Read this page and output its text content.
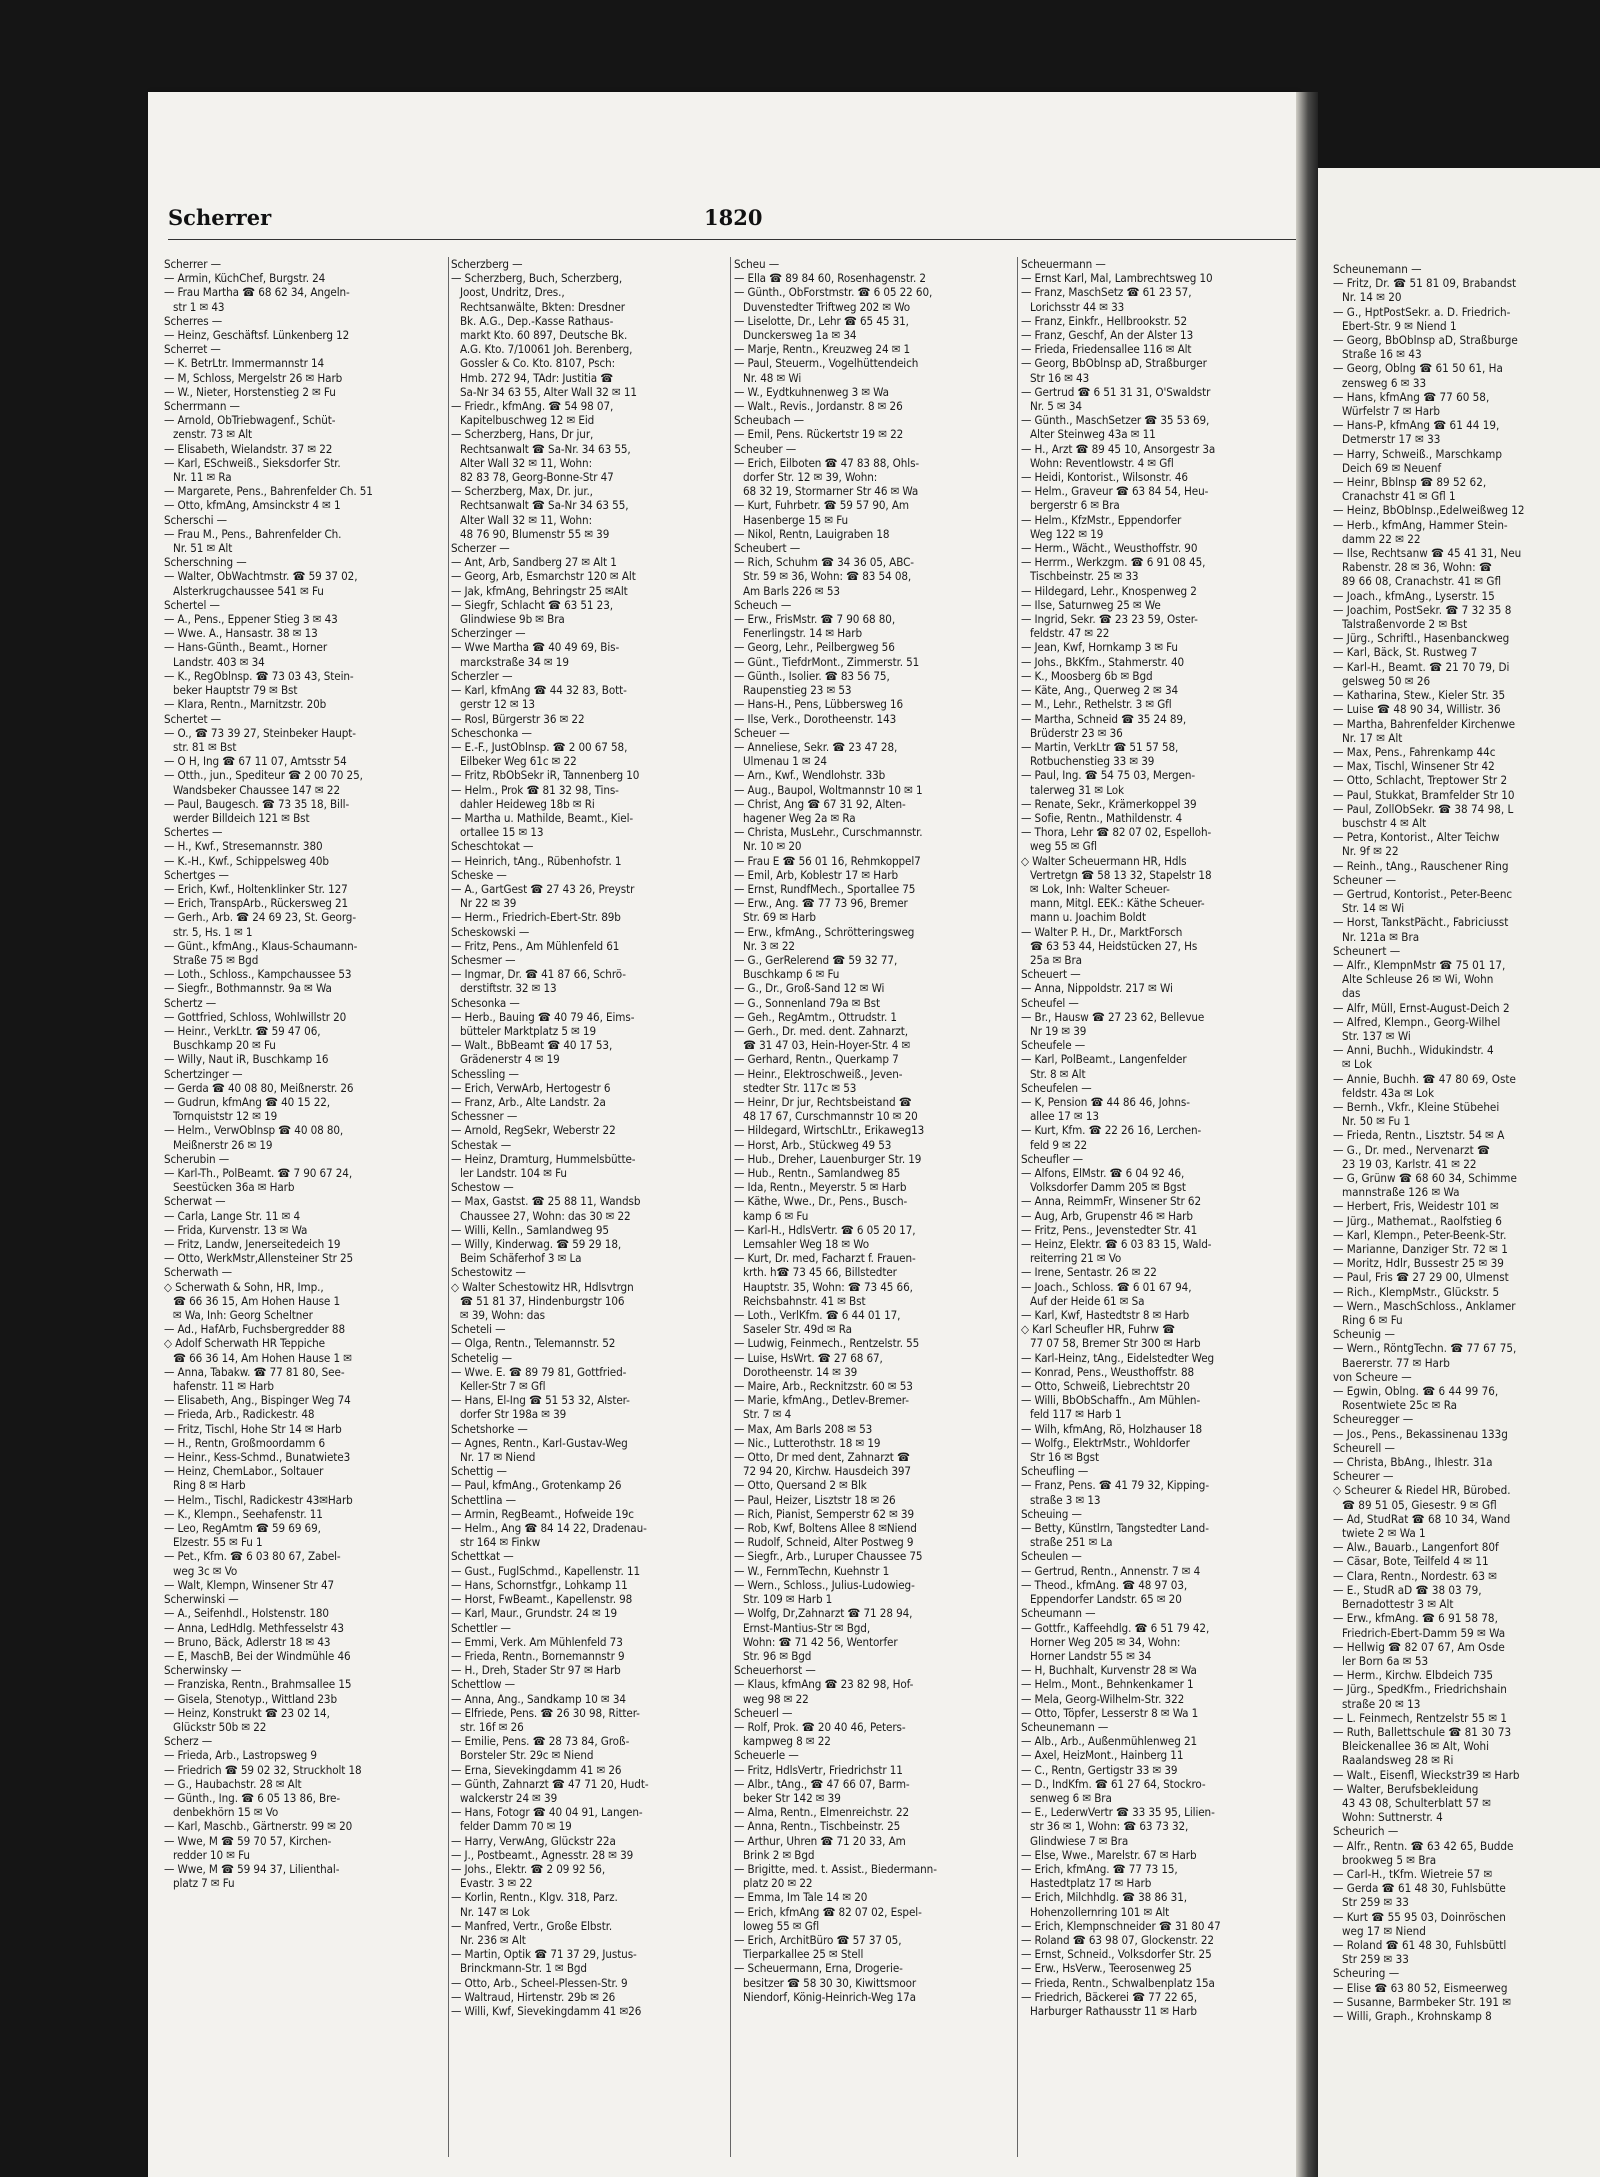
Scherrer	1820

Scherrer —

— Armin, KüchChef, Burgstr. 24

— Frau Martha ☎ 68 62 34, Angeln-

str 1 ✉ 43

Scherres —

— Heinz, Geschäftsf. Lünkenberg 12

Scherret —

— K. BetrLtr. Immermannstr 14

— M, Schloss, Mergelstr 26 ✉ Harb

— W., Nieter, Horstenstieg 2 ✉ Fu

Scherrmann —

— Arnold, ObTriebwagenf., Schüt-

zenstr. 73 ✉ Alt

— Elisabeth, Wielandstr. 37 ✉ 22

— Karl, ESchweiß., Sieksdorfer Str.

Nr. 11 ✉ Ra

— Margarete, Pens., Bahrenfelder Ch. 51

— Otto, kfmAng, Amsinckstr 4 ✉ 1

Scherschi —

— Frau M., Pens., Bahrenfelder Ch.

Nr. 51 ✉ Alt

Scherschning —

— Walter, ObWachtmstr. ☎ 59 37 02,

Alsterkrugchaussee 541 ✉ Fu

Schertel —

— A., Pens., Eppener Stieg 3 ✉ 43

— Wwe. A., Hansastr. 38 ✉ 13

— Hans-Günth., Beamt., Horner

Landstr. 403 ✉ 34

— K., RegOblnsp. ☎ 73 03 43, Stein-

beker Hauptstr 79 ✉ Bst

— Klara, Rentn., Marnitzstr. 20b

Schertet —

— O., ☎ 73 39 27, Steinbeker Haupt-

str. 81 ✉ Bst

— O H, Ing ☎ 67 11 07, Amtsstr 54

— Otth., jun., Spediteur ☎ 2 00 70 25,

Wandsbeker Chaussee 147 ✉ 22

— Paul, Baugesch. ☎ 73 35 18, Bill-

werder Billdeich 121 ✉ Bst

Schertes —

— H., Kwf., Stresemannstr. 380

— K.-H., Kwf., Schippelsweg 40b

Schertges —

— Erich, Kwf., Holtenklinker Str. 127

— Erich, TranspArb., Rückersweg 21

— Gerh., Arb. ☎ 24 69 23, St. Georg-

str. 5, Hs. 1 ✉ 1

— Günt., kfmAng., Klaus-Schaumann-

Straße 75 ✉ Bgd

— Loth., Schloss., Kampchaussee 53

— Siegfr., Bothmannstr. 9a ✉ Wa

Schertz —

— Gottfried, Schloss, Wohlwillstr 20

— Heinr., VerkLtr. ☎ 59 47 06,

Buschkamp 20 ✉ Fu

— Willy, Naut iR, Buschkamp 16

Schertzinger —

— Gerda ☎ 40 08 80, Meißnerstr. 26

— Gudrun, kfmAng ☎ 40 15 22,

Tornquiststr 12 ✉ 19

— Helm., VerwOblnsp ☎ 40 08 80,

Meißnerstr 26 ✉ 19

Scherubin —

— Karl-Th., PolBeamt. ☎ 7 90 67 24,

Seestücken 36a ✉ Harb

Scherwat —

— Carla, Lange Str. 11 ✉ 4

— Frida, Kurvenstr. 13 ✉ Wa

— Fritz, Landw, Jenerseitedeich 19

— Otto, WerkMstr,Allensteiner Str 25

Scherwath —

◇ Scherwath & Sohn, HR, Imp.,

☎ 66 36 15, Am Hohen Hause 1

✉ Wa, Inh: Georg Scheltner

— Ad., HafArb, Fuchsbergredder 88

◇ Adolf Scherwath HR Teppiche

☎ 66 36 14, Am Hohen Hause 1 ✉

— Anna, Tabakw. ☎ 77 81 80, Seе-

hafenstr. 11 ✉ Harb

— Elisabeth, Ang., Bispinger Weg 74

— Frieda, Arb., Radickestr. 48

— Fritz, Tischl, Hohe Str 14 ✉ Harb

— H., Rentn, Großmoordamm 6

— Heinr., Kess-Schmd., Bunatwiete3

— Heinz, ChemLabor., Soltauer

Ring 8 ✉ Harb

— Helm., Tischl, Radickestr 43✉Harb

— K., Klempn., Seehafenstr. 11

— Leo, RegAmtm ☎ 59 69 69,

Elzestr. 55 ✉ Fu 1

— Pet., Kfm. ☎ 6 03 80 67, Zabel-

weg 3c ✉ Vo

— Walt, Klempn, Winsener Str 47

Scherwinski —

— A., Seifenhdl., Holstenstr. 180

— Anna, LedHdlg. Methfesselstr 43

— Bruno, Bäck, Adlerstr 18 ✉ 43

— E, MaschB, Bei der Windmühle 46

Scherwinsky —

— Franziska, Rentn., Brahmsallee 15

— Gisela, Stenotyp., Wittland 23b

— Heinz, Konstrukt ☎ 23 02 14,

Glückstr 50b ✉ 22

Scherz —

— Frieda, Arb., Lastropsweg 9

— Friedrich ☎ 59 02 32, Struckholt 18

— G., Haubachstr. 28 ✉ Alt

— Günth., Ing. ☎ 6 05 13 86, Bre-

denbekhörn 15 ✉ Vo

— Karl, Maschb., Gärtnerstr. 99 ✉ 20

— Wwe, M ☎ 59 70 57, Kirchen-

redder 10 ✉ Fu

— Wwe, M ☎ 59 94 37, Lilienthal-

platz 7 ✉ Fu

Scherzberg —

— Scherzberg, Buch, Scherzberg,

Joost, Undritz, Dres.,

Rechtsanwälte, Bkten: Dresdner

Bk. A.G., Dep.-Kasse Rathaus-

markt Kto. 60 897, Deutsche Bk.

A.G. Kto. 7/10061 Joh. Berenberg,

Gossler & Co. Kto. 8107, Psch:

Hmb. 272 94, TAdr: Justitia ☎

Sa-Nr 34 63 55, Alter Wall 32 ✉ 11

— Friedr., kfmAng. ☎ 54 98 07,

Kapitelbuschweg 12 ✉ Eid

— Scherzberg, Hans, Dr jur,

Rechtsanwalt ☎ Sa-Nr. 34 63 55,

Alter Wall 32 ✉ 11, Wohn:

82 83 78, Georg-Bonne-Str 47

— Scherzberg, Max, Dr. jur.,

Rechtsanwalt ☎ Sa-Nr 34 63 55,

Alter Wall 32 ✉ 11, Wohn:

48 76 90, Blumenstr 55 ✉ 39

Scherzer —

— Ant, Arb, Sandberg 27 ✉ Alt 1

— Georg, Arb, Esmarchstr 120 ✉ Alt

— Jak, kfmAng, Behringstr 25 ✉Alt

— Siegfr, Schlacht ☎ 63 51 23,

Glindwiese 9b ✉ Bra

Scherzinger —

— Wwe Martha ☎ 40 49 69, Bis-

marckstraße 34 ✉ 19

Scherzler —

— Karl, kfmAng ☎ 44 32 83, Bott-

gerstr 12 ✉ 13

— Rosl, Bürgerstr 36 ✉ 22

Scheschonka —

— E.-F., JustOblnsp. ☎ 2 00 67 58,

Eilbeker Weg 61c ✉ 22

— Fritz, RbObSekr iR, Tannenberg 10

— Helm., Prok ☎ 81 32 98, Tins-

dahler Heideweg 18b ✉ Ri

— Martha u. Mathilde, Beamt., Kiel-

ortallee 15 ✉ 13

Scheschtokat —

— Heinrich, tAng., Rübenhofstr. 1

Scheske —

— A., GartGest ☎ 27 43 26, Preystr

Nr 22 ✉ 39

— Herm., Friedrich-Ebert-Str. 89b

Scheskowski —

— Fritz, Pens., Am Mühlenfeld 61

Schesmer —

— Ingmar, Dr. ☎ 41 87 66, Schrö-

derstiftstr. 32 ✉ 13

Schesonka —

— Herb., Bauing ☎ 40 79 46, Eims-

bütteler Marktplatz 5 ✉ 19

— Walt., BbBeamt ☎ 40 17 53,

Grädenerstr 4 ✉ 19

Schessling —

— Erich, VerwArb, Hertogestr 6

— Franz, Arb., Alte Landstr. 2a

Schessner —

— Arnold, RegSekr, Weberstr 22

Schestak —

— Heinz, Dramturg, Hummelsbütte-

ler Landstr. 104 ✉ Fu

Schestow —

— Max, Gastst. ☎ 25 88 11, Wandsb

Chaussee 27, Wohn: das 30 ✉ 22

— Willi, Kelln., Samlandweg 95

— Willy, Kinderwag. ☎ 59 29 18,

Beim Schäferhof 3 ✉ La

Schestowitz —

◇ Walter Schestowitz HR, Hdlsvtrgn

☎ 51 81 37, Hindenburgstr 106

✉ 39, Wohn: das

Scheteli —

— Olga, Rentn., Telemannstr. 52

Schetelig —

— Wwe. E. ☎ 89 79 81, Gottfried-

Keller-Str 7 ✉ Gfl

— Hans, El-Ing ☎ 51 53 32, Alster-

dorfer Str 198a ✉ 39

Schetshorke —

— Agnes, Rentn., Karl-Gustav-Weg

Nr. 17 ✉ Niend

Schettig —

— Paul, kfmAng., Grotenkamp 26

Schettlina —

— Armin, RegBeamt., Hofweide 19c

— Helm., Ang ☎ 84 14 22, Dradenau-

str 164 ✉ Finkw

Schettkat —

— Gust., FuglSchmd., Kapellenstr. 11

— Hans, Schornstfgr., Lohkamp 11

— Horst, FwBeamt., Kapellenstr. 98

— Karl, Maur., Grundstr. 24 ✉ 19

Schettler —

— Emmi, Verk. Am Mühlenfeld 73

— Frieda, Rentn., Bornemannstr 9

— H., Dreh, Stader Str 97 ✉ Harb

Schettlow —

— Anna, Ang., Sandkamp 10 ✉ 34

— Elfriede, Pens. ☎ 26 30 98, Ritter-

str. 16f ✉ 26

— Emilie, Pens. ☎ 28 73 84, Groß-

Borsteler Str. 29c ✉ Niend

— Erna, Sievekingdamm 41 ✉ 26

— Günth, Zahnarzt ☎ 47 71 20, Hudt-

walckerstr 24 ✉ 39

— Hans, Fotogr ☎ 40 04 91, Langen-

felder Damm 70 ✉ 19

— Harry, VerwAng, Glückstr 22a

— J., Postbeamt., Agnesstr. 28 ✉ 39

— Johs., Elektr. ☎ 2 09 92 56,

Evastr. 3 ✉ 22

— Korlin, Rentn., Klgv. 318, Parz.

Nr. 147 ✉ Lok

— Manfred, Vertr., Große Elbstr.

Nr. 236 ✉ Alt

— Martin, Optik ☎ 71 37 29, Justus-

Brinckmann-Str. 1 ✉ Bgd

— Otto, Arb., Scheel-Plessen-Str. 9

— Waltraud, Hirtenstr. 29b ✉ 26

— Willi, Kwf, Sievekingdamm 41 ✉26

Scheu —

— Ella ☎ 89 84 60, Rosenhagenstr. 2

— Günth., ObForstmstr. ☎ 6 05 22 60,

Duvenstedter Triftweg 202 ✉ Wo

— Liselotte, Dr., Lehr ☎ 65 45 31,

Dunckersweg 1a ✉ 34

— Marje, Rentn., Kreuzweg 24 ✉ 1

— Paul, Steuerm., Vogelhüttendeich

Nr. 48 ✉ Wi

— W., Eydtkuhnenweg 3 ✉ Wa

— Walt., Revis., Jordanstr. 8 ✉ 26

Scheubach —

— Emil, Pens. Rückertstr 19 ✉ 22

Scheuber —

— Erich, Eilboten ☎ 47 83 88, Ohls-

dorfer Str. 12 ✉ 39, Wohn:

68 32 19, Stormarner Str 46 ✉ Wa

— Kurt, Fuhrbetr. ☎ 59 57 90, Am

Hasenberge 15 ✉ Fu

— Nikol, Rentn, Lauigraben 18

Scheubert —

— Rich, Schuhm ☎ 34 36 05, ABC-

Str. 59 ✉ 36, Wohn: ☎ 83 54 08,

Am Barls 226 ✉ 53

Scheuch —

— Erw., FrisMstr. ☎ 7 90 68 80,

Fenerlingstr. 14 ✉ Harb

— Georg, Lehr., Peilbergweg 56

— Günt., TiefdrMont., Zimmerstr. 51

— Günth., Isolier. ☎ 83 56 75,

Raupenstieg 23 ✉ 53

— Hans-H., Pens, Lübbersweg 16

— Ilse, Verk., Dorotheenstr. 143

Scheuer —

— Anneliese, Sekr. ☎ 23 47 28,

Ulmenau 1 ✉ 24

— Arn., Kwf., Wendlohstr. 33b

— Aug., Baupol, Woltmannstr 10 ✉ 1

— Christ, Ang ☎ 67 31 92, Alten-

hagener Weg 2a ✉ Ra

— Christa, MusLehr., Curschmannstr.

Nr. 10 ✉ 20

— Frau E ☎ 56 01 16, Rehmkoppel7

— Emil, Arb, Koblestr 17 ✉ Harb

— Ernst, RundfMech., Sportallee 75

— Erw., Ang. ☎ 77 73 96, Bremer

Str. 69 ✉ Harb

— Erw., kfmAng., Schrötteringsweg

Nr. 3 ✉ 22

— G., GerRelerend ☎ 59 32 77,

Buschkamp 6 ✉ Fu

— G., Dr., Groß-Sand 12 ✉ Wi

— G., Sonnenland 79a ✉ Bst

— Geh., RegAmtm., Ottrudstr. 1

— Gerh., Dr. med. dent. Zahnarzt,

☎ 31 47 03, Hein-Hoyer-Str. 4 ✉

— Gerhard, Rentn., Querkamp 7

— Heinr., Elektroschweiß., Jeven-

stedter Str. 117c ✉ 53

— Heinr, Dr jur, Rechtsbeistand ☎

48 17 67, Curschmannstr 10 ✉ 20

— Hildegard, WirtschLtr., Erikaweg13

— Horst, Arb., Stückweg 49 53

— Hub., Dreher, Lauenburger Str. 19

— Hub., Rentn., Samlandweg 85

— Ida, Rentn., Meyerstr. 5 ✉ Harb

— Käthe, Wwe., Dr., Pens., Busch-

kamp 6 ✉ Fu

— Karl-H., HdlsVertr. ☎ 6 05 20 17,

Lemsahler Weg 18 ✉ Wo

— Kurt, Dr. med, Facharzt f. Frauen-

krth. h☎ 73 45 66, Billstedter

Hauptstr. 35, Wohn: ☎ 73 45 66,

Reichsbahnstr. 41 ✉ Bst

— Loth., VerlKfm. ☎ 6 44 01 17,

Saseler Str. 49d ✉ Ra

— Ludwig, Feinmech., Rentzelstr. 55

— Luise, HsWrt. ☎ 27 68 67,

Dorotheenstr. 14 ✉ 39

— Maire, Arb., Recknitzstr. 60 ✉ 53

— Marie, kfmAng., Detlev-Bremer-

Str. 7 ✉ 4

— Max, Am Barls 208 ✉ 53

— Nic., Lutterothstr. 18 ✉ 19

— Otto, Dr med dent, Zahnarzt ☎

72 94 20, Kirchw. Hausdeich 397

— Otto, Quersand 2 ✉ Blk

— Paul, Heizer, Lisztstr 18 ✉ 26

— Rich, Pianist, Semperstr 62 ✉ 39

— Rob, Kwf, Boltens Allee 8 ✉Niend

— Rudolf, Schneid, Alter Postweg 9

— Siegfr., Arb., Luruper Chaussee 75

— W., FernmTechn, Kuehnstr 1

— Wern., Schloss., Julius-Ludowieg-

Str. 109 ✉ Harb 1

— Wolfg, Dr,Zahnarzt ☎ 71 28 94,

Ernst-Mantius-Str ✉ Bgd,

Wohn: ☎ 71 42 56, Wentorfer

Str. 96 ✉ Bgd

Scheuerhorst —

— Klaus, kfmAng ☎ 23 82 98, Hof-

weg 98 ✉ 22

Scheuerl —

— Rolf, Prok. ☎ 20 40 46, Peters-

kampweg 8 ✉ 22

Scheuerle —

— Fritz, HdlsVertr, Friedrichstr 11

— Albr., tAng., ☎ 47 66 07, Barm-

beker Str 142 ✉ 39

— Alma, Rentn., Elmenreichstr. 22

— Anna, Rentn., Tischbeinstr. 25

— Arthur, Uhren ☎ 71 20 33, Am

Brink 2 ✉ Bgd

— Brigitte, med. t. Assist., Biedermann-

platz 20 ✉ 22

— Emma, Im Tale 14 ✉ 20

— Erich, kfmAng ☎ 82 07 02, Espel-

loweg 55 ✉ Gfl

— Erich, ArchitBüro ☎ 57 37 05,

Tierparkallee 25 ✉ Stell

— Scheuermann, Erna, Drogerie-

besitzer ☎ 58 30 30, Kiwittsmoor

Niendorf, König-Heinrich-Weg 17a

Scheuermann —

— Ernst Karl, Mal, Lambrechtsweg 10

— Franz, MaschSetz ☎ 61 23 57,

Lorichsstr 44 ✉ 33

— Franz, Einkfr., Hellbrookstr. 52

— Franz, Geschf, An der Alster 13

— Frieda, Friedensallee 116 ✉ Alt

— Georg, BbOblnsp aD, Straßburger

Str 16 ✉ 43

— Gertrud ☎ 6 51 31 31, O'Swaldstr

Nr. 5 ✉ 34

— Günth., MaschSetzer ☎ 35 53 69,

Alter Steinweg 43a ✉ 11

— H., Arzt ☎ 89 45 10, Ansorgestr 3a

Wohn: Reventlowstr. 4 ✉ Gfl

— Heidi, Kontorist., Wilsonstr. 46

— Helm., Graveur ☎ 63 84 54, Heu-

bergerstr 6 ✉ Bra

— Helm., KfzMstr., Eppendorfer

Weg 122 ✉ 19

— Herm., Wächt., Weusthoffstr. 90

— Herrm., Werkzgm. ☎ 6 91 08 45,

Tischbeinstr. 25 ✉ 33

— Hildegard, Lehr., Knospenweg 2

— Ilse, Saturnweg 25 ✉ We

— Ingrid, Sekr. ☎ 23 23 59, Oster-

feldstr. 47 ✉ 22

— Jean, Kwf, Hornkamp 3 ✉ Fu

— Johs., BkKfm., Stahmerstr. 40

— K., Moosberg 6b ✉ Bgd

— Käte, Ang., Querweg 2 ✉ 34

— M., Lehr., Rethelstr. 3 ✉ Gfl

— Martha, Schneid ☎ 35 24 89,

Brüderstr 23 ✉ 36

— Martin, VerkLtr ☎ 51 57 58,

Rotbuchenstieg 33 ✉ 39

— Paul, Ing. ☎ 54 75 03, Mergen-

talerweg 31 ✉ Lok

— Renate, Sekr., Krämerkoppel 39

— Sofie, Rentn., Mathildenstr. 4

— Thora, Lehr ☎ 82 07 02, Espelloh-

weg 55 ✉ Gfl

◇ Walter Scheuermann HR, Hdls

Vertretgn ☎ 58 13 32, Stapelstr 18

✉ Lok, Inh: Walter Scheuer-

mann, Mitgl. EEK.: Käthe Scheuer-

mann u. Joachim Boldt

— Walter P. H., Dr., MarktForsch

☎ 63 53 44, Heidstücken 27, Hs

25a ✉ Bra

Scheuert —

— Anna, Nippoldstr. 217 ✉ Wi

Scheufel —

— Br., Hausw ☎ 27 23 62, Bellevue

Nr 19 ✉ 39

Scheufele —

— Karl, PolBeamt., Langenfelder

Str. 8 ✉ Alt

Scheufelen —

— K, Pension ☎ 44 86 46, Johns-

allee 17 ✉ 13

— Kurt, Kfm. ☎ 22 26 16, Lerchen-

feld 9 ✉ 22

Scheufler —

— Alfons, ElMstr. ☎ 6 04 92 46,

Volksdorfer Damm 205 ✉ Bgst

— Anna, ReimmFr, Winsener Str 62

— Aug, Arb, Grupenstr 46 ✉ Harb

— Fritz, Pens., Jevenstedter Str. 41

— Heinz, Elektr. ☎ 6 03 83 15, Wald-

reiterring 21 ✉ Vo

— Irene, Sentastr. 26 ✉ 22

— Joach., Schloss. ☎ 6 01 67 94,

Auf der Heide 61 ✉ Sa

— Karl, Kwf, Hastedtstr 8 ✉ Harb

◇ Karl Scheufler HR, Fuhrw ☎

77 07 58, Bremer Str 300 ✉ Harb

— Karl-Heinz, tAng., Eidelstedter Weg

— Konrad, Pens., Weusthoffstr. 88

— Otto, Schweiß, Liebrechtstr 20

— Willi, BbObSchaffn., Am Mühlen-

feld 117 ✉ Harb 1

— Wilh, kfmAng, Rö, Holzhauser 18

— Wolfg., ElektrMstr., Wohldorfer

Str 16 ✉ Bgst

Scheufling —

— Franz, Pens. ☎ 41 79 32, Kipping-

straße 3 ✉ 13

Scheuing —

— Betty, Künstlrn, Tangstedter Land-

straße 251 ✉ La

Scheulen —

— Gertrud, Rentn., Annenstr. 7 ✉ 4

— Theod., kfmAng. ☎ 48 97 03,

Eppendorfer Landstr. 65 ✉ 20

Scheumann —

— Gottfr., Kaffeehdlg. ☎ 6 51 79 42,

Horner Weg 205 ✉ 34, Wohn:

Horner Landstr 55 ✉ 34

— H, Buchhalt, Kurvenstr 28 ✉ Wa

— Helm., Mont., Behnkenkamer 1

— Mela, Georg-Wilhelm-Str. 322

— Otto, Töpfer, Lesserstr 8 ✉ Wa 1

Scheunemann —

— Alb., Arb., Außenmühlenweg 21

— Axel, HeizMont., Hainberg 11

— C., Rentn, Gertigstr 33 ✉ 39

— D., IndKfm. ☎ 61 27 64, Stockro-

senweg 6 ✉ Bra

— E., LederwVertr ☎ 33 35 95, Lilien-

str 36 ✉ 1, Wohn: ☎ 63 73 32,

Glindwiese 7 ✉ Bra

— Else, Wwe., Marelstr. 67 ✉ Harb

— Erich, kfmAng. ☎ 77 73 15,

Hastedtplatz 17 ✉ Harb

— Erich, Milchhdlg. ☎ 38 86 31,

Hohenzollernring 101 ✉ Alt

— Erich, Klempnschneider ☎ 31 80 47

— Roland ☎ 63 98 07, Glockenstr. 22

— Ernst, Schneid., Volksdorfer Str. 25

— Erw., HsVerw., Teerosenweg 25

— Frieda, Rentn., Schwalbenplatz 15a

— Friedrich, Bäckerei ☎ 77 22 65,

Harburger Rathausstr 11 ✉ Harb

Scheunemann —

— Fritz, Dr. ☎ 51 81 09, Brabandst

Nr. 14 ✉ 20

— G., HptPostSekr. a. D. Friedrich-

Ebert-Str. 9 ✉ Niend 1

— Georg, BbOblnsp aD, Straßburge

Straße 16 ✉ 43

— Georg, Oblng ☎ 61 50 61, Ha

zensweg 6 ✉ 33

— Hans, kfmAng ☎ 77 60 58,

Würfelstr 7 ✉ Harb

— Hans-P, kfmAng ☎ 61 44 19,

Detmerstr 17 ✉ 33

— Harry, Schweiß., Marschkamp

Deich 69 ✉ Neuenf

— Heinr, Bblnsp ☎ 89 52 62,

Cranachstr 41 ✉ Gfl 1

— Heinz, BbOblnsp.,Edelweißweg 12

— Herb., kfmAng, Hammer Stein-

damm 22 ✉ 22

— Ilse, Rechtsanw ☎ 45 41 31, Neu

Rabenstr. 28 ✉ 36, Wohn: ☎

89 66 08, Cranachstr. 41 ✉ Gfl

— Joach., kfmAng., Lyserstr. 15

— Joachim, PostSekr. ☎ 7 32 35 8

Talstraßenvorde 2 ✉ Bst

— Jürg., Schriftl., Hasenbanckweg

— Karl, Bäck, St. Rustweg 7

— Karl-H., Beamt. ☎ 21 70 79, Di

gelsweg 50 ✉ 26

— Katharina, Stew., Kieler Str. 35

— Luise ☎ 48 90 34, Willistr. 36

— Martha, Bahrenfelder Kirchenwe

Nr. 17 ✉ Alt

— Max, Pens., Fahrenkamp 44c

— Max, Tischl, Winsener Str 42

— Otto, Schlacht, Treptower Str 2

— Paul, Stukkat, Bramfelder Str 10

— Paul, ZollObSekr. ☎ 38 74 98, L

buschstr 4 ✉ Alt

— Petra, Kontorist., Alter Teichw

Nr. 9f ✉ 22

— Reinh., tAng., Rauschener Ring

Scheuner —

— Gertrud, Kontorist., Peter-Beenc

Str. 14 ✉ Wi

— Horst, TankstPächt., Fabriciusst

Nr. 121a ✉ Bra

Scheunert —

— Alfr., KlempnMstr ☎ 75 01 17,

Alte Schleuse 26 ✉ Wi, Wohn

das

— Alfr, Müll, Ernst-August-Deich 2

— Alfred, Klempn., Georg-Wilhel

Str. 137 ✉ Wi

— Anni, Buchh., Widukindstr. 4

✉ Lok

— Annie, Buchh. ☎ 47 80 69, Oste

feldstr. 43a ✉ Lok

— Bernh., Vkfr., Kleine Stübehei

Nr. 50 ✉ Fu 1

— Frieda, Rentn., Lisztstr. 54 ✉ A

— G., Dr. med., Nervenarzt ☎

23 19 03, Karlstr. 41 ✉ 22

— G, Grünw ☎ 68 60 34, Schimme

mannstraße 126 ✉ Wa

— Herbert, Fris, Weidestr 101 ✉

— Jürg., Mathemat., Raolfstieg 6

— Karl, Klempn., Peter-Beenk-Str.

— Marianne, Danziger Str. 72 ✉ 1

— Moritz, Hdlr, Bussestr 25 ✉ 39

— Paul, Fris ☎ 27 29 00, Ulmenst

— Rich., KlempMstr., Glückstr. 5

— Wern., MaschSchloss., Anklamer

Ring 6 ✉ Fu

Scheunig —

— Wern., RöntgTechn. ☎ 77 67 75,

Baererstr. 77 ✉ Harb

von Scheure —

— Egwin, Oblng. ☎ 6 44 99 76,

Rosentwiete 25c ✉ Ra

Scheuregger —

— Jos., Pens., Bekassinenau 133g

Scheurell —

— Christa, BbAng., Ihlestr. 31a

Scheurer —

◇ Scheurer & Riedel HR, Bürobed.

☎ 89 51 05, Giesestr. 9 ✉ Gfl

— Ad, StudRat ☎ 68 10 34, Wand

twiete 2 ✉ Wa 1

— Alw., Bauarb., Langenfort 80f

— Cäsar, Bote, Teilfeld 4 ✉ 11

— Clara, Rentn., Nordestr. 63 ✉

— E., StudR aD ☎ 38 03 79,

Bernadottestr 3 ✉ Alt

— Erw., kfmAng. ☎ 6 91 58 78,

Friedrich-Ebert-Damm 59 ✉ Wa

— Hellwig ☎ 82 07 67, Am Osde

ler Born 6a ✉ 53

— Herm., Kirchw. Elbdeich 735

— Jürg., SpedKfm., Friedrichshain

straße 20 ✉ 13

— L. Feinmech, Rentzelstr 55 ✉ 1

— Ruth, Ballettschule ☎ 81 30 73

Bleickenallee 36 ✉ Alt, Wohi

Raalandsweg 28 ✉ Ri

— Walt., Eisenfl, Wieckstr39 ✉ Harb

— Walter, Berufsbekleidung

43 43 08, Schulterblatt 57 ✉

Wohn: Suttnerstr. 4

Scheurich —

— Alfr., Rentn. ☎ 63 42 65, Budde

brookweg 5 ✉ Bra

— Carl-H., tKfm. Wietreie 57 ✉

— Gerda ☎ 61 48 30, Fuhlsbütte

Str 259 ✉ 33

— Kurt ☎ 55 95 03, Doinröschen

weg 17 ✉ Niend

— Roland ☎ 61 48 30, Fuhlsbüttl

Str 259 ✉ 33

Scheuring —

— Elise ☎ 63 80 52, Eismeerweg

— Susanne, Barmbeker Str. 191 ✉

— Willi, Graph., Krohnskamp 8
